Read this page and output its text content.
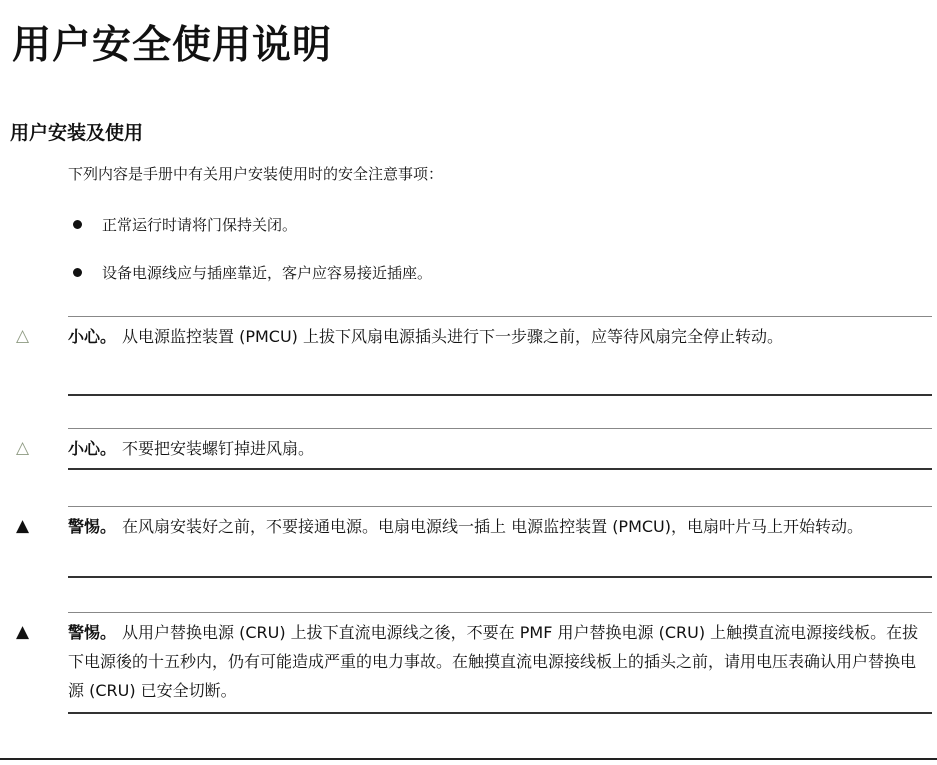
用户安全使用说明
用户安装及使用
下列内容是手册中有关用户安装使用时的安全注意事项：
正常运行时请将门保持关闭。
设备电源线应与插座靠近，客户应容易接近插座。
△ 小心。 从电源监控装置 (PMCU) 上拔下风扇电源插头进行下一步骤之前，应等待风扇完全停止转动。
△ 小心。 不要把安装螺钉掉进风扇。
▲ 警惕。 在风扇安装好之前，不要接通电源。电扇电源线一插上 电源监控装置 (PMCU)，电扇叶片马上开始转动。
▲ 警惕。 从用户替换电源 (CRU) 上拔下直流电源线之後，不要在 PMF 用户替换电源 (CRU) 上触摸直流电源接线板。在拔下电源後的十五秒内，仍有可能造成严重的电力事故。在触摸直流电源接线板上的插头之前，请用电压表确认用户替换电源 (CRU) 已安全切断。
